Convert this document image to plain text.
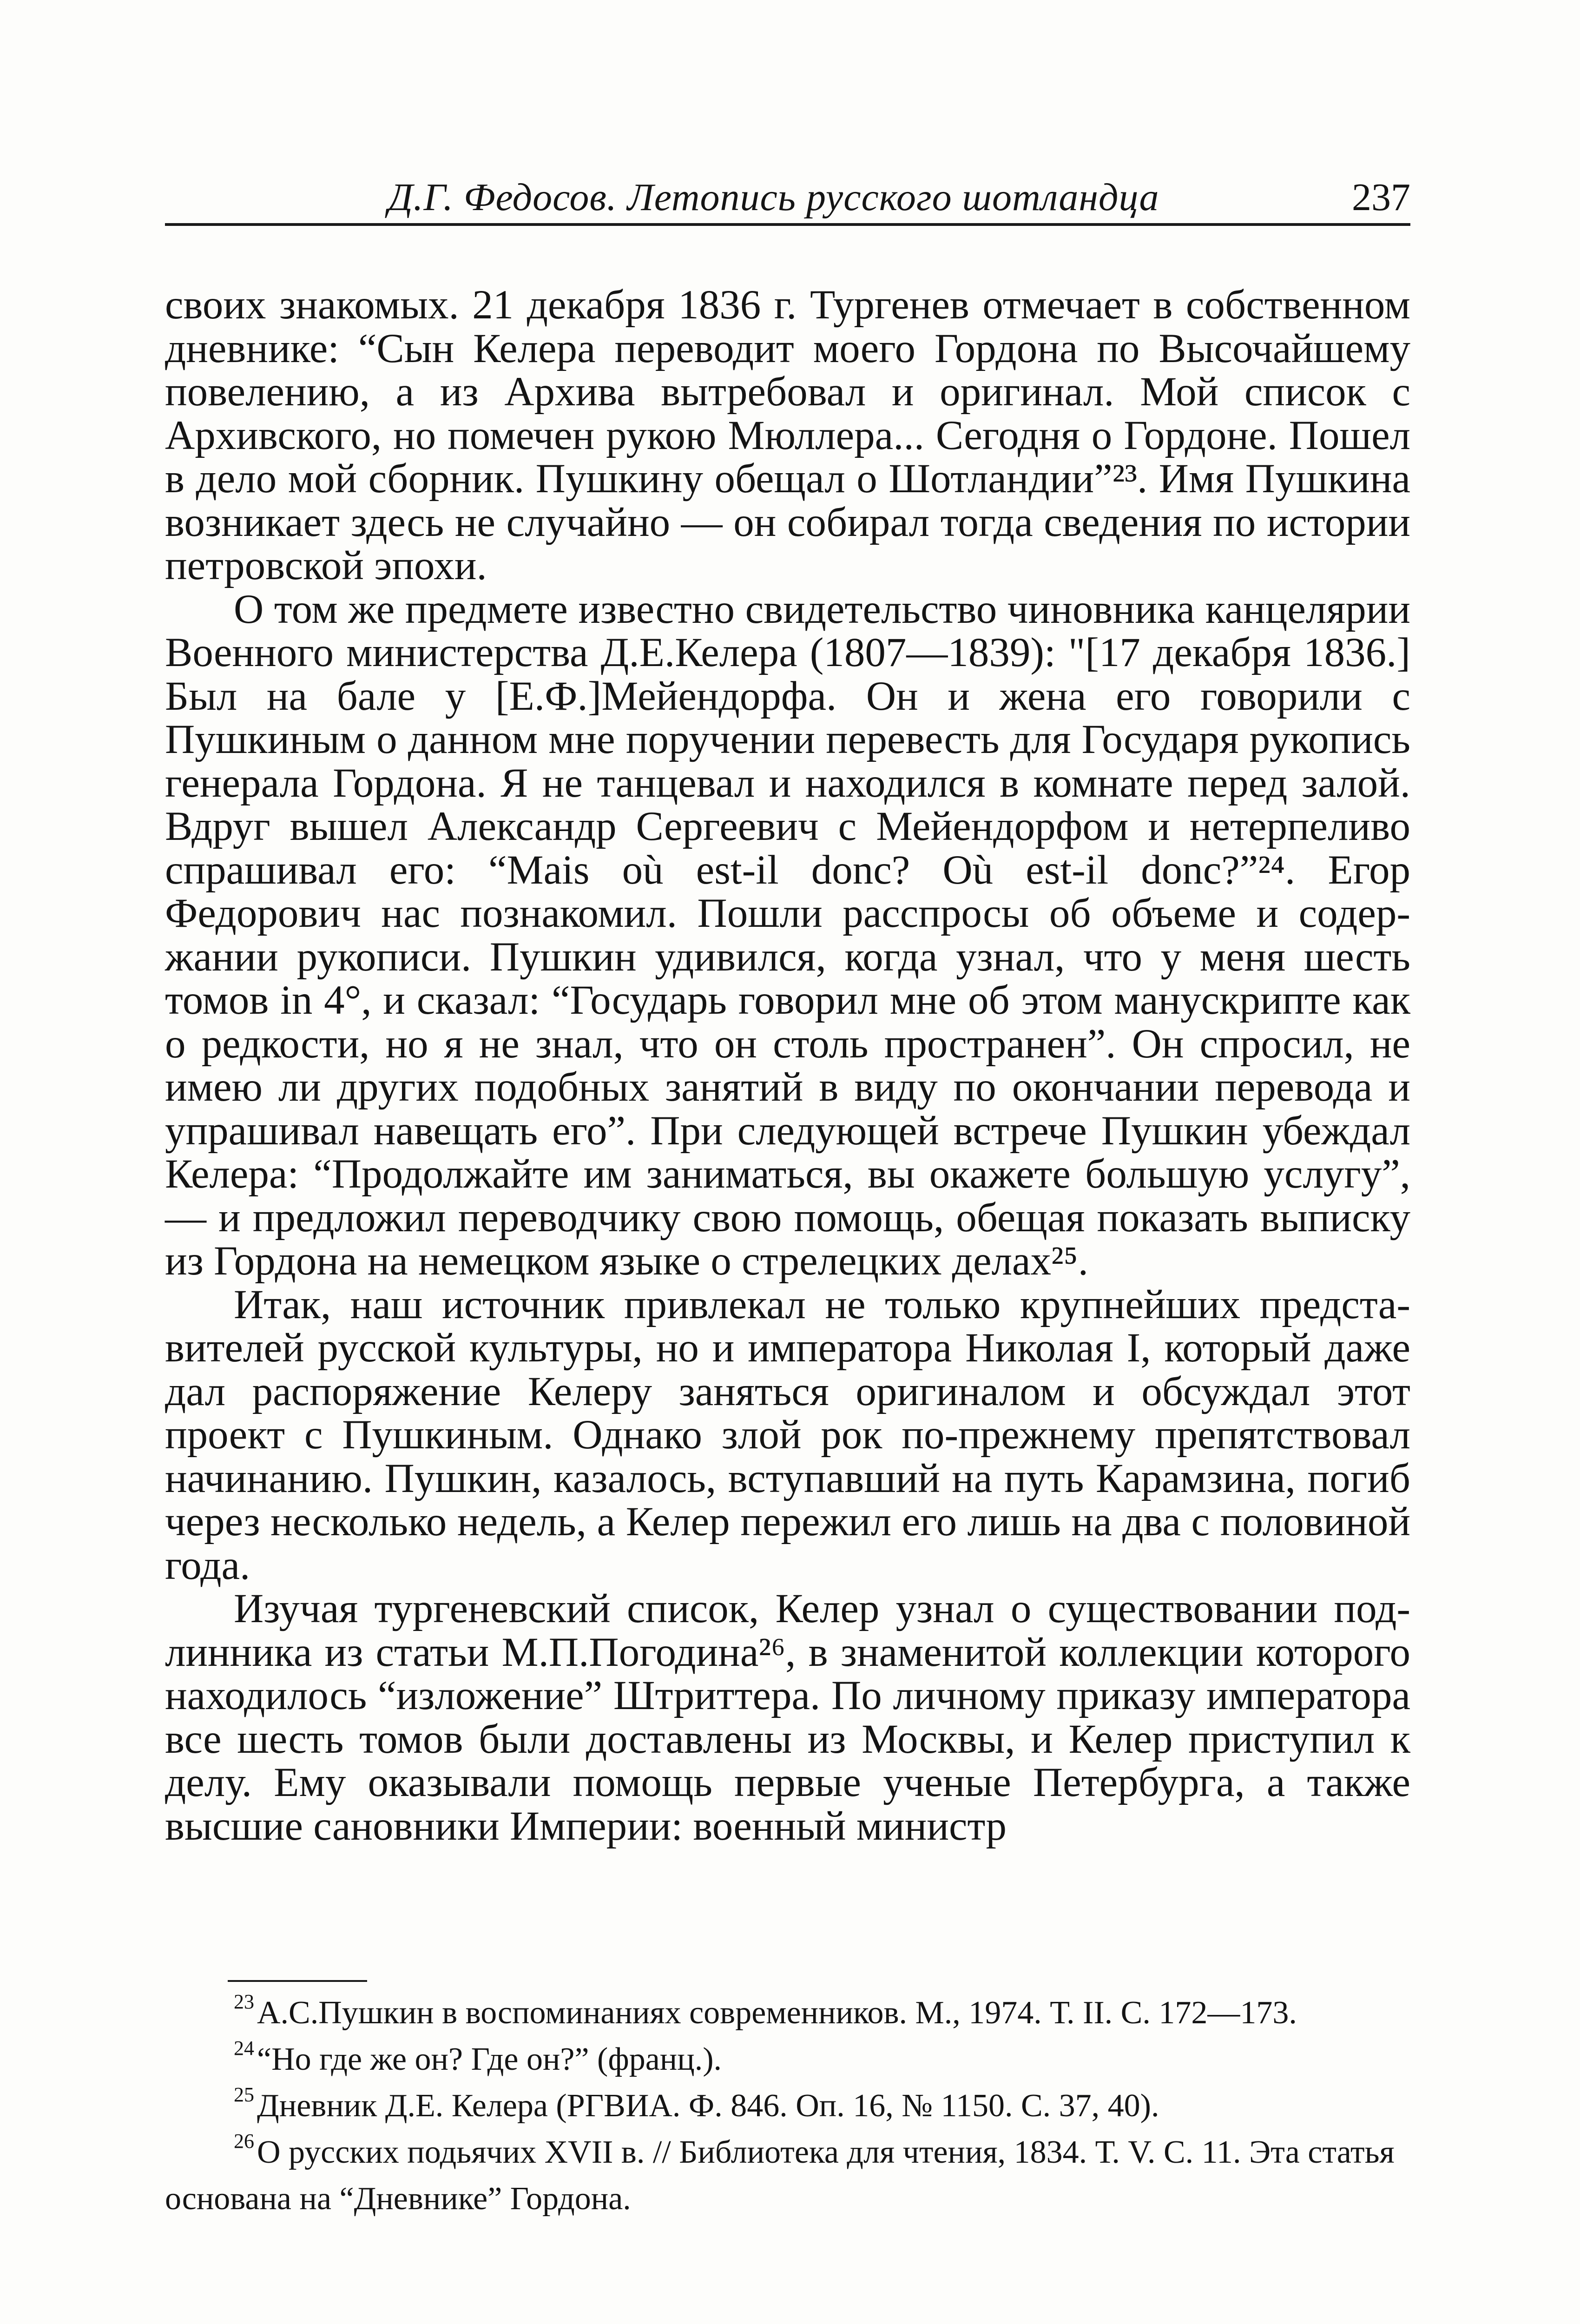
Д.Г. Федосов. Летопись русского шотландца	237

своих знакомых. 21 декабря 1836 г. Тургенев отмечает в собственном дневнике: “Сын Келера переводит моего Гордона по Высочайшему повелению, а из Архива вытребовал и оригинал. Мой список с Архивского, но помечен рукою Мюллера... Сегодня о Гордоне. Пошел в дело мой сборник. Пушкину обещал о Шотландии”²³. Имя Пушкина возникает здесь не случайно — он собирал тогда сведения по истории петровской эпохи.

О том же предмете известно свидетельство чиновника канцелярии Военного министерства Д.Е.Келера (1807—1839): "[17 декабря 1836.] Был на бале у [Е.Ф.]Мейендорфа. Он и жена его говорили с Пушкиным о данном мне поручении перевесть для Государя рукопись генерала Гордона. Я не танцевал и находился в комнате перед залой. Вдруг вышел Александр Сергеевич с Мейендорфом и нетерпеливо спрашивал его: “Mais où est-il donc? Où est-il donc?”²⁴. Егор Федорович нас познакомил. Пошли расспросы об объеме и содержании рукописи. Пушкин удивился, когда узнал, что у меня шесть томов in 4°, и сказал: “Государь говорил мне об этом манускрипте как о редкости, но я не знал, что он столь пространен”. Он спросил, не имею ли других подобных занятий в виду по окончании перевода и упрашивал навещать его”. При следующей встрече Пушкин убеждал Келера: “Продолжайте им заниматься, вы окажете большую услугу”, — и предложил переводчику свою помощь, обещая показать выписку из Гордона на немецком языке о стрелецких делах²⁵.

Итак, наш источник привлекал не только крупнейших представителей русской культуры, но и императора Николая I, который даже дал распоряжение Келеру заняться оригиналом и обсуждал этот проект с Пушкиным. Однако злой рок по-прежнему препятствовал начинанию. Пушкин, казалось, вступавший на путь Карамзина, погиб через несколько недель, а Келер пережил его лишь на два с половиной года.

Изучая тургеневский список, Келер узнал о существовании подлинника из статьи М.П.Погодина²⁶, в знаменитой коллекции которого находилось “изложение” Штриттера. По личному приказу императора все шесть томов были доставлены из Москвы, и Келер приступил к делу. Ему оказывали помощь первые ученые Петербурга, а также высшие сановники Империи: военный министр

$^{23}$А.С.Пушкин в воспоминаниях современников. М., 1974. Т. II. С. 172—173.

$^{24}$“Но где же он? Где он?” (франц.).

$^{25}$Дневник Д.Е. Келера (РГВИА. Ф. 846. Оп. 16, № 1150. С. 37, 40).

$^{26}$О русских подьячих XVII в. // Библиотека для чтения, 1834. Т. V. С. 11. Эта статья основана на “Дневнике” Гордона.
